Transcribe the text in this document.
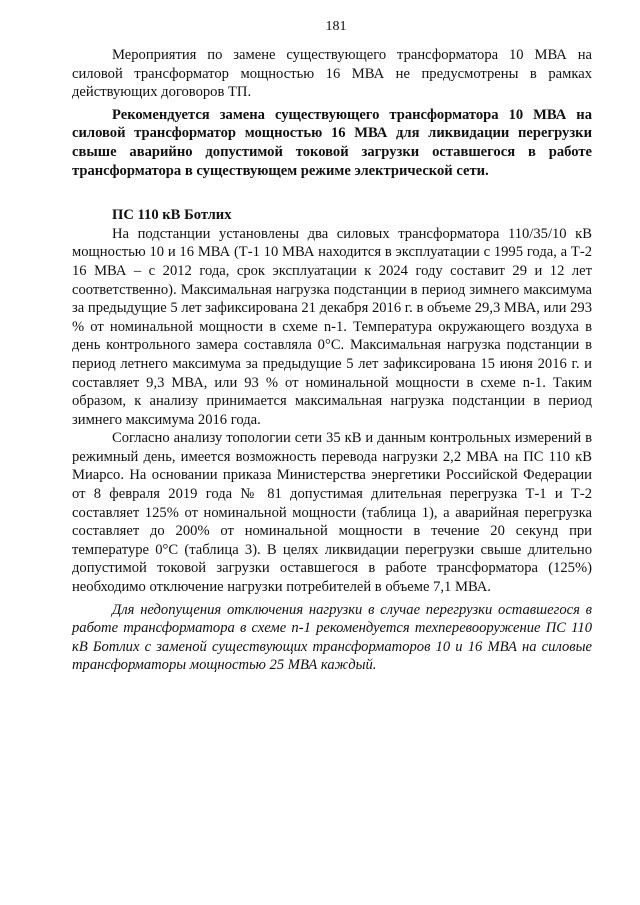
181

Мероприятия по замене существующего трансформатора 10 МВА на силовой трансформатор мощностью 16 МВА не предусмотрены в рамках действующих договоров ТП.

Рекомендуется замена существующего трансформатора 10 МВА на силовой трансформатор мощностью 16 МВА для ликвидации перегрузки свыше аварийно допустимой токовой загрузки оставшегося в работе трансформатора в существующем режиме электрической сети.

ПС 110 кВ Ботлих

На подстанции установлены два силовых трансформатора 110/35/10 кВ мощностью 10 и 16 МВА (Т-1 10 МВА находится в эксплуатации с 1995 года, а Т-2 16 МВА – с 2012 года, срок эксплуатации к 2024 году составит 29 и 12 лет соответственно). Максимальная нагрузка подстанции в период зимнего максимума за предыдущие 5 лет зафиксирована 21 декабря 2016 г. в объеме 29,3 МВА, или 293 % от номинальной мощности в схеме n-1. Температура окружающего воздуха в день контрольного замера составляла 0°С. Максимальная нагрузка подстанции в период летнего максимума за предыдущие 5 лет зафиксирована 15 июня 2016 г. и составляет 9,3 МВА, или 93 % от номинальной мощности в схеме n-1. Таким образом, к анализу принимается максимальная нагрузка подстанции в период зимнего максимума 2016 года.

Согласно анализу топологии сети 35 кВ и данным контрольных измерений в режимный день, имеется возможность перевода нагрузки 2,2 МВА на ПС 110 кВ Миарсо. На основании приказа Министерства энергетики Российской Федерации от 8 февраля 2019 года № 81 допустимая длительная перегрузка Т-1 и Т-2 составляет 125% от номинальной мощности (таблица 1), а аварийная перегрузка составляет до 200% от номинальной мощности в течение 20 секунд при температуре 0°С (таблица 3). В целях ликвидации перегрузки свыше длительно допустимой токовой загрузки оставшегося в работе трансформатора (125%) необходимо отключение нагрузки потребителей в объеме 7,1 МВА.

Для недопущения отключения нагрузки в случае перегрузки оставшегося в работе трансформатора в схеме n-1 рекомендуется техперевооружение ПС 110 кВ Ботлих с заменой существующих трансформаторов 10 и 16 МВА на силовые трансформаторы мощностью 25 МВА каждый.
